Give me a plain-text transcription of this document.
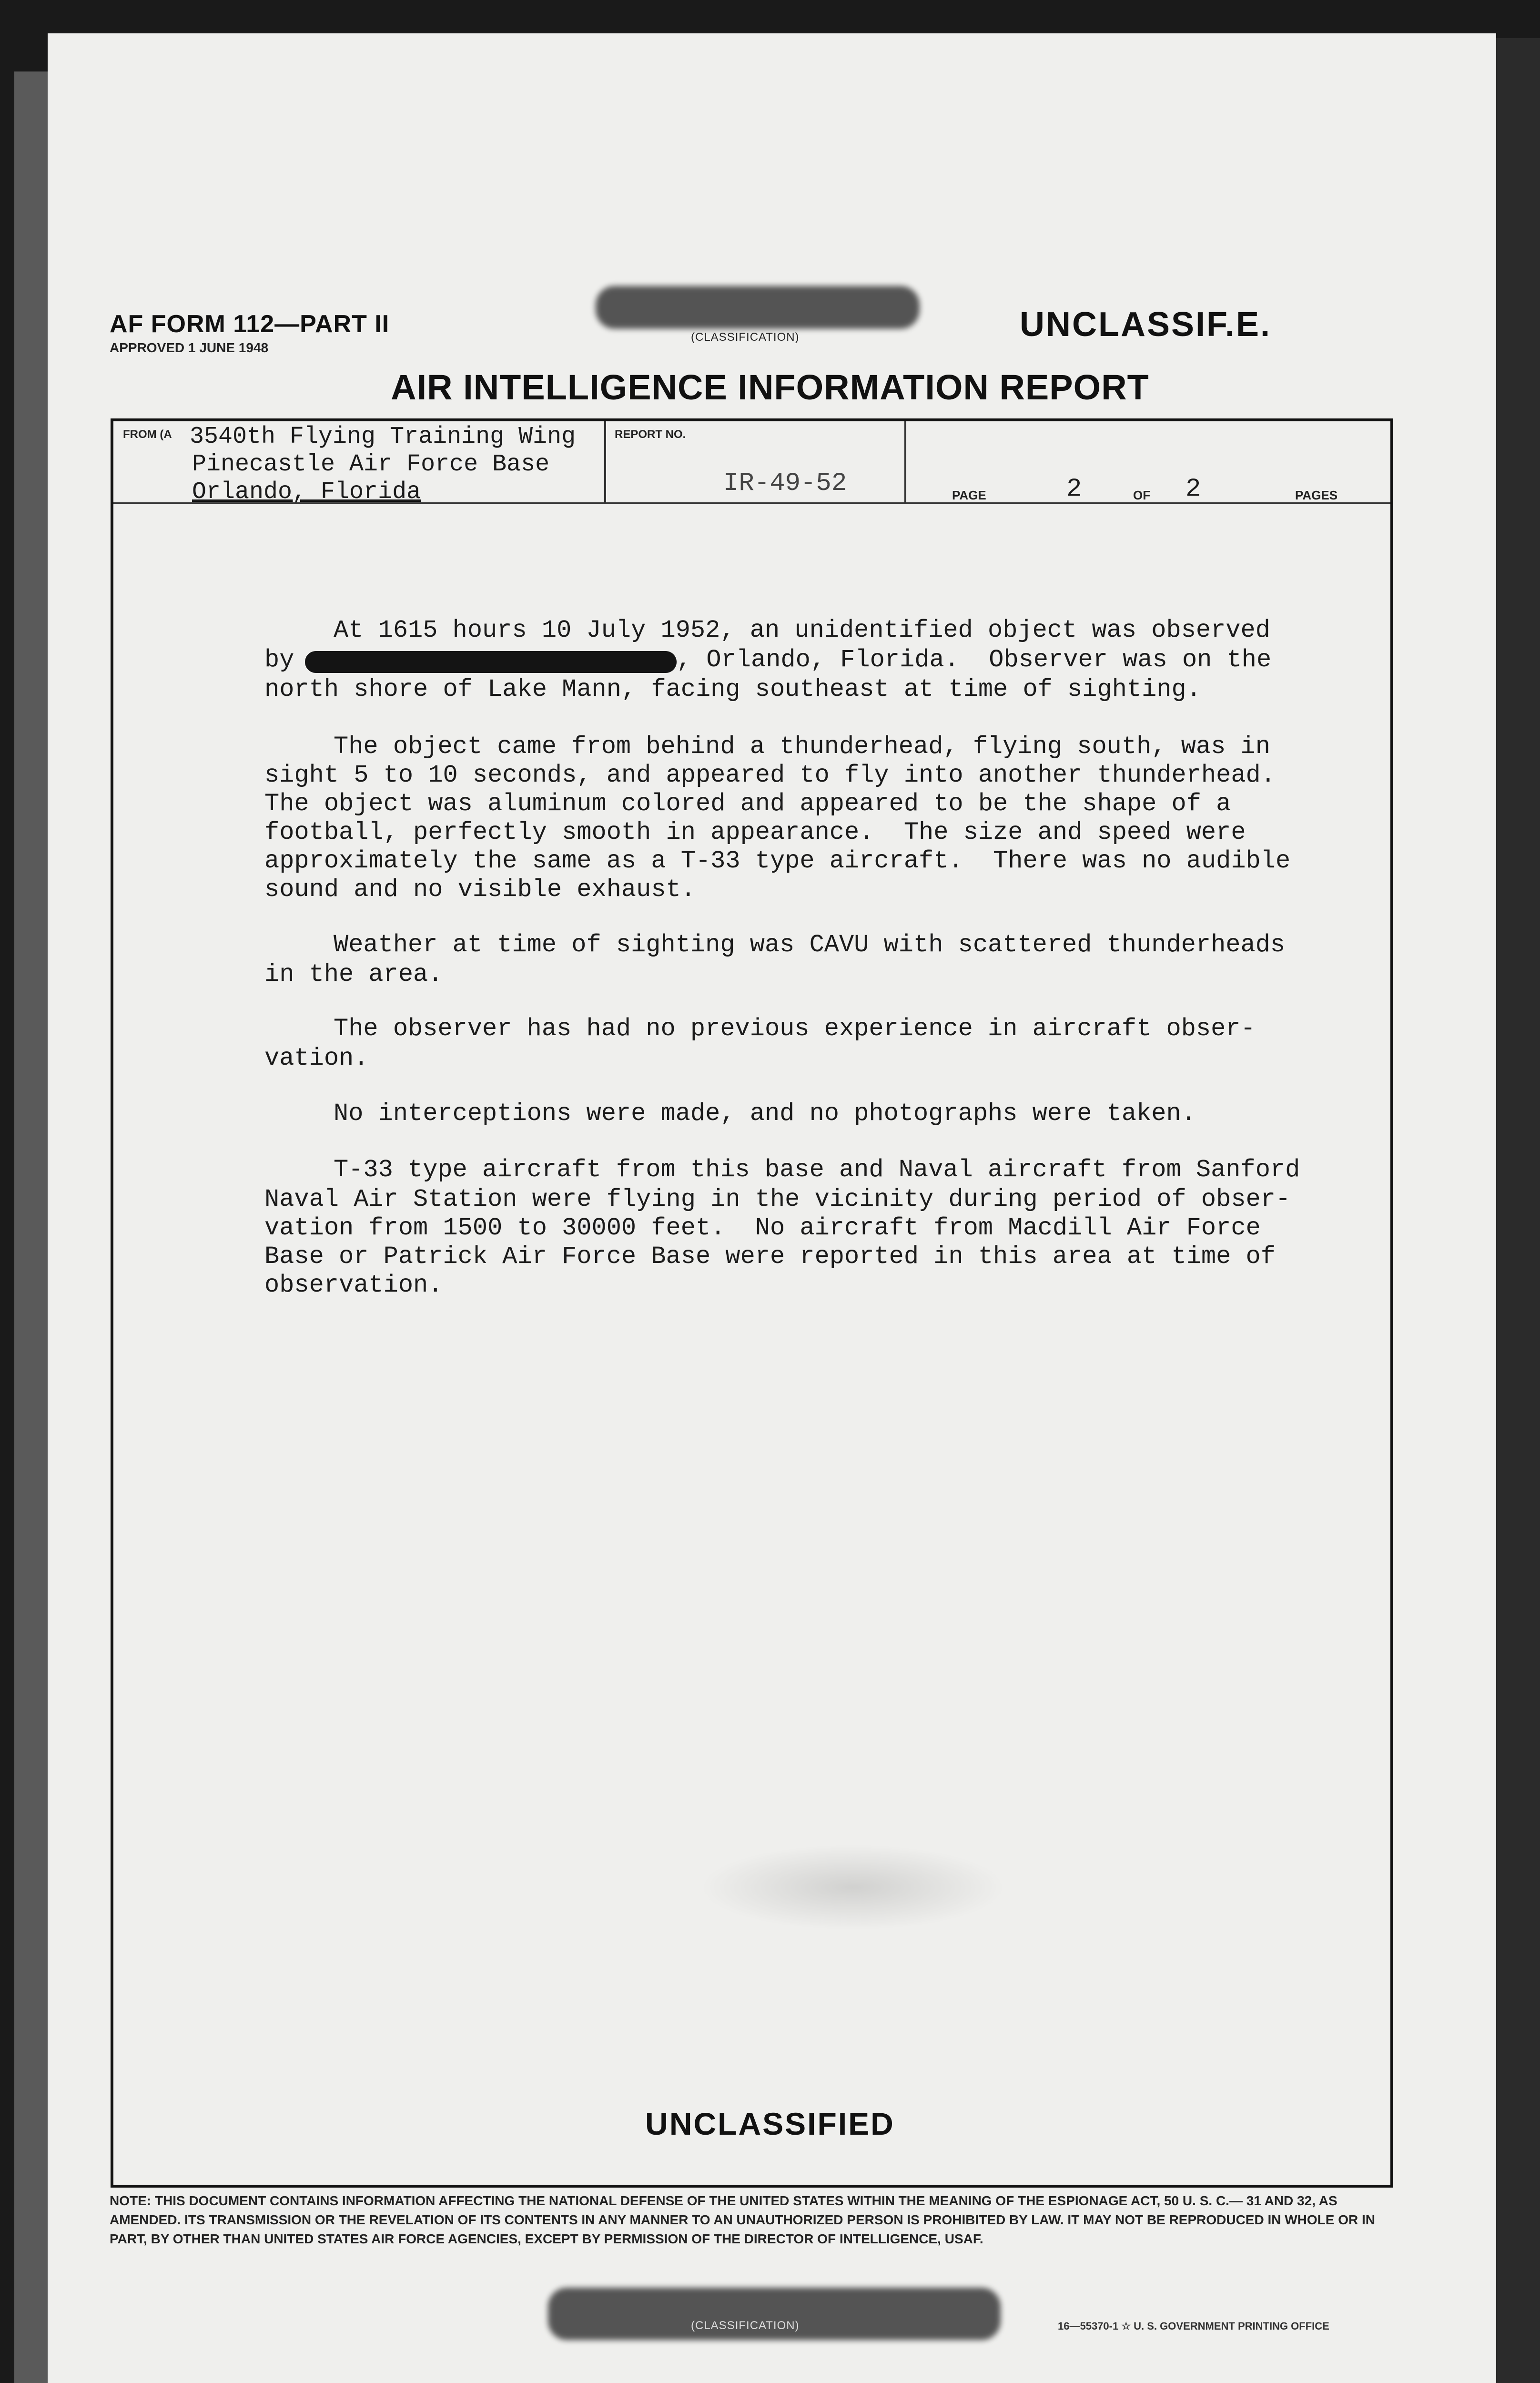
AF FORM 112—PART II
APPROVED 1 JUNE 1948
(CLASSIFICATION)	UNCLASSIF.E.
AIR INTELLIGENCE INFORMATION REPORT
FROM (A 3540th Flying Training Wing
Pinecastle Air Force Base
Orlando, Florida
REPORT NO.
IR-49-52	PAGE	2	OF 2	PAGES
At 1615 hours 10 July 1952, an unidentified object was observed
by	, Orlando, Florida.  Observer was on the
north shore of Lake Mann, facing southeast at time of sighting.
The object came from behind a thunderhead, flying south, was in
sight 5 to 10 seconds, and appeared to fly into another thunderhead.
The object was aluminum colored and appeared to be the shape of a
football, perfectly smooth in appearance.  The size and speed were
approximately the same as a T-33 type aircraft.  There was no audible
sound and no visible exhaust.
Weather at time of sighting was CAVU with scattered thunderheads
in the area.
The observer has had no previous experience in aircraft obser-
vation.
No interceptions were made, and no photographs were taken.
T-33 type aircraft from this base and Naval aircraft from Sanford
Naval Air Station were flying in the vicinity during period of obser-
vation from 1500 to 30000 feet.  No aircraft from Macdill Air Force
Base or Patrick Air Force Base were reported in this area at time of
observation.
UNCLASSIFIED
NOTE: THIS DOCUMENT CONTAINS INFORMATION AFFECTING THE NATIONAL DEFENSE OF THE UNITED STATES WITHIN THE MEANING OF THE ESPIONAGE ACT, 50 U. S. C.— 31 AND 32, AS AMENDED. ITS TRANSMISSION OR THE REVELATION OF ITS CONTENTS IN ANY MANNER TO AN UNAUTHORIZED PERSON IS PROHIBITED BY LAW. IT MAY NOT BE REPRODUCED IN WHOLE OR IN PART, BY OTHER THAN UNITED STATES AIR FORCE AGENCIES, EXCEPT BY PERMISSION OF THE DIRECTOR OF INTELLIGENCE, USAF.
(CLASSIFICATION)	16—55370-1 ☆ U. S. GOVERNMENT PRINTING OFFICE
